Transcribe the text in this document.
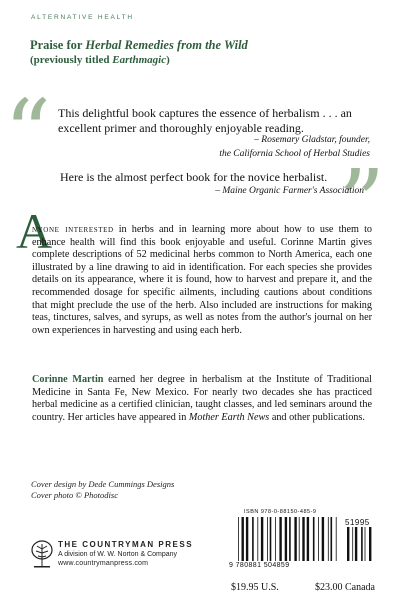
ALTERNATIVE HEALTH
Praise for Herbal Remedies from the Wild
(previously titled Earthmagic)
“
”
This delightful book captures the essence of herbalism . . . an excellent primer and thoroughly enjoyable reading.
– Rosemary Gladstar, founder,
the California School of Herbal Studies
Here is the almost perfect book for the novice herbalist.
– Maine Organic Farmer's Association
A
nyone interested in herbs and in learning more about how to use them to enhance health will find this book enjoyable and useful. Corinne Martin gives complete descriptions of 52 medicinal herbs common to North America, each one illustrated by a line drawing to aid in identification. For each species she provides details on its appearance, where it is found, how to harvest and prepare it, and the recommended dosage for specific ailments, including cautions about conditions that might preclude the use of the herb. Also included are instructions for making teas, tinctures, salves, and syrups, as well as notes from the author's journal on her own experiences in harvesting and using each herb.
Corinne Martin earned her degree in herbalism at the Institute of Traditional Medicine in Santa Fe, New Mexico. For nearly two decades she has practiced herbal medicine as a certified clinician, taught classes, and led seminars around the country. Her articles have appeared in Mother Earth News and other publications.
Cover design by Dede Cummings Designs
Cover photo © Photodisc
THE COUNTRYMAN PRESS
A division of W. W. Norton & Company
www.countrymanpress.com
ISBN 978-0-88150-485-9
51995
9 780881 504859
$19.95 U.S.	$23.00 Canada
